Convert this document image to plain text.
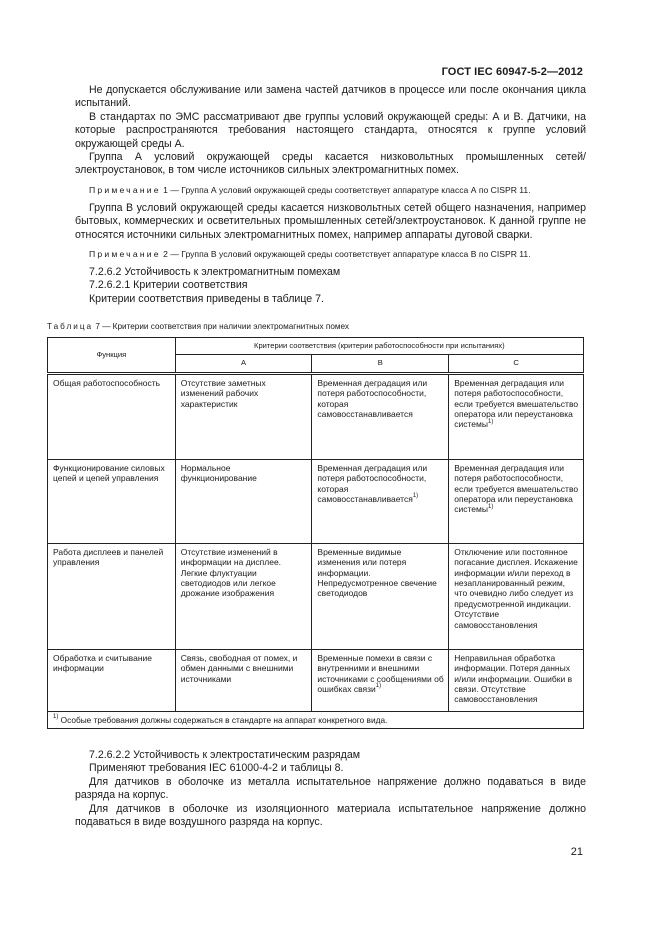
ГОСТ IEC 60947-5-2—2012

Не допускается обслуживание или замена частей датчиков в процессе или после окончания цикла испытаний.

В стандартах по ЭМС рассматривают две группы условий окружающей среды: А и В. Датчики, на которые распространяются требования настоящего стандарта, относятся к группе условий окружающей среды А.

Группа А условий окружающей среды касается низковольтных промышленных сетей/электроустановок, в том числе источников сильных электромагнитных помех.

Примечание 1 — Группа А условий окружающей среды соответствует аппаратуре класса А по CISPR 11.

Группа В условий окружающей среды касается низковольтных сетей общего назначения, например бытовых, коммерческих и осветительных промышленных сетей/электроустановок. К данной группе не относятся источники сильных электромагнитных помех, например аппараты дуговой сварки.

Примечание 2 — Группа В условий окружающей среды соответствует аппаратуре класса В по CISPR 11.

7.2.6.2 Устойчивость к электромагнитным помехам

7.2.6.2.1 Критерии соответствия

Критерии соответствия приведены в таблице 7.

Таблица 7 — Критерии соответствия при наличии электромагнитных помех
Функция	Критерии соответствия (критерии работоспособности при испытаниях)		
	A	B	C
Общая работоспособность	Отсутствие заметных изменений рабочих характеристик	Временная деградация или потеря работоспособности, которая самовосстанавливается	Временная деградация или потеря работоспособности, если требуется вмешательство оператора или переустановка системы$^{1)}$
Функционирование силовых цепей и цепей управления	Нормальное функционирование	Временная деградация или потеря работоспособности, которая самовосстанавливается$^{1)}$	Временная деградация или потеря работоспособности, если требуется вмешательство оператора или переустановка системы$^{1)}$
Работа дисплеев и панелей управления	Отсутствие изменений в информации на дисплее. Легкие флуктуации светодиодов или легкое дрожание изображения	Временные видимые изменения или потеря информации. Непредусмотренное свечение светодиодов	Отключение или постоянное погасание дисплея. Искажение информации и/или переход в незапланированный режим, что очевидно либо следует из предусмотренной индикации. Отсутствие самовосстановления
Обработка и считывание информации	Связь, свободная от помех, и обмен данными с внешними источниками	Временные помехи в связи с внутренними и внешними источниками с сообщениями об ошибках связи$^{1)}$	Неправильная обработка информации. Потеря данных и/или информации. Ошибки в связи. Отсутствие самовосстановления
$^{1)}$ Особые требования должны содержаться в стандарте на аппарат конкретного вида.			

7.2.6.2.2 Устойчивость к электростатическим разрядам

Применяют требования IEC 61000-4-2 и таблицы 8.

Для датчиков в оболочке из металла испытательное напряжение должно подаваться в виде разряда на корпус.

Для датчиков в оболочке из изоляционного материала испытательное напряжение должно подаваться в виде воздушного разряда на корпус.

21
